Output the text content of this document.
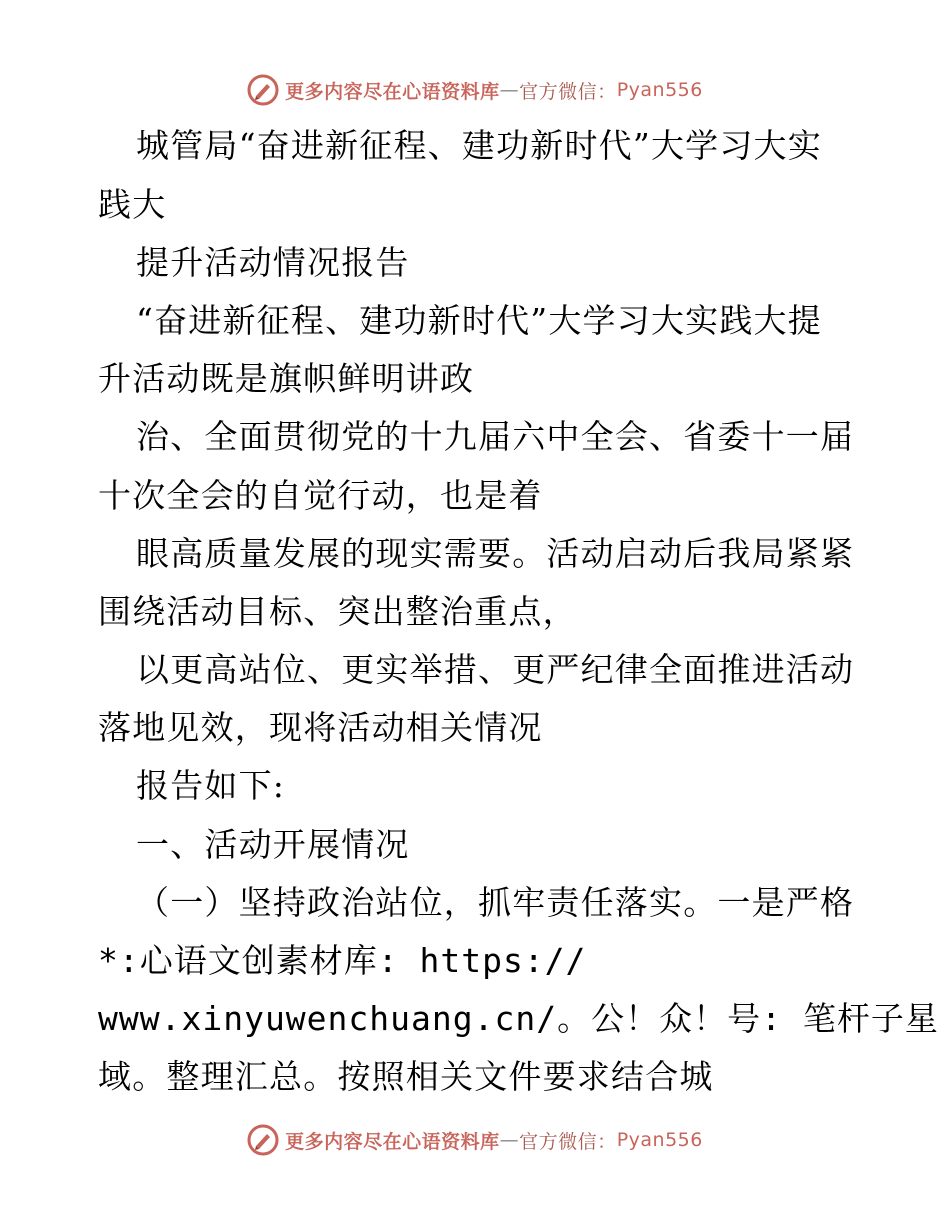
更多内容尽在心语资料库 — 官方微信： Pyan556
城管局“奋进新征程、建功新时代”大学习大实
践大
提升活动情况报告
“奋进新征程、建功新时代”大学习大实践大提
升活动既是旗帜鲜明讲政
治、全面贯彻党的十九届六中全会、省委十一届
十次全会的自觉行动，也是着
眼高质量发展的现实需要。活动启动后我局紧紧
围绕活动目标、突出整治重点，
以更高站位、更实举措、更严纪律全面推进活动
落地见效，现将活动相关情况
报告如下:
一、活动开展情况
（一）坚持政治站位，抓牢责任落实。一是严格
*:心语文创素材库: https://
www.xinyuwenchuang.cn/。公！众！号: 笔杆子星
域。整理汇总。按照相关文件要求结合城
更多内容尽在心语资料库 — 官方微信： Pyan556
